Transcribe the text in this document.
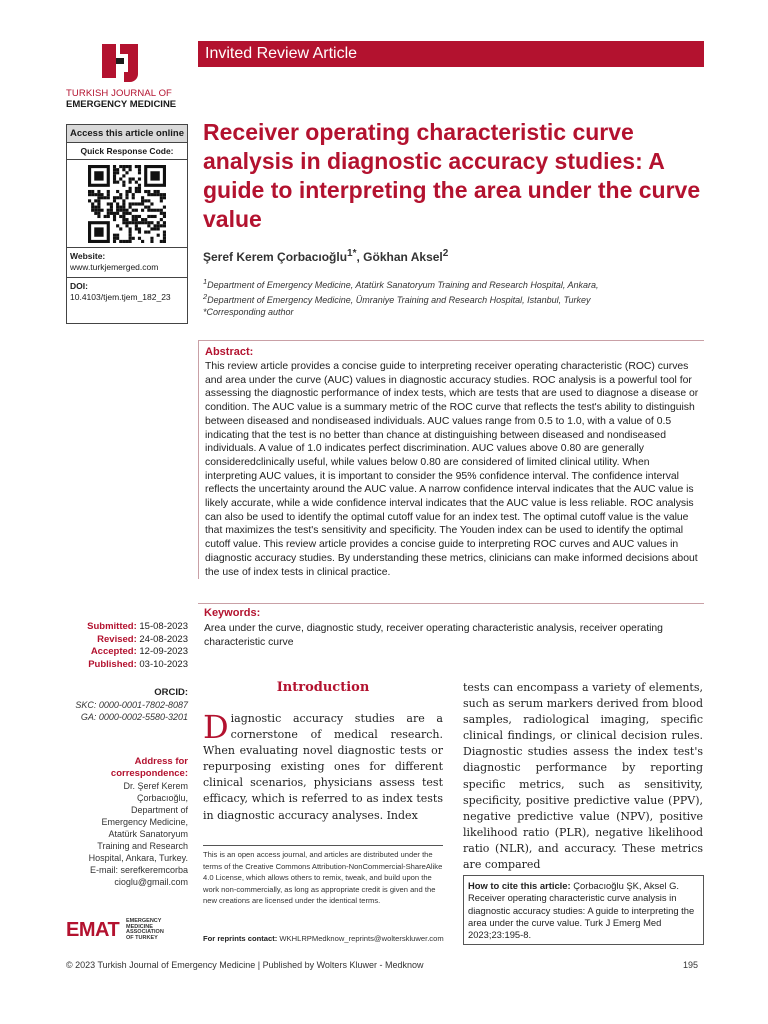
TURKISH JOURNAL OF
EMERGENCY MEDICINE
Invited Review Article
Access this article online
Quick Response Code:
Website:
www.turkjemerged.com
DOI:
10.4103/tjem.tjem_182_23
Receiver operating characteristic curve analysis in diagnostic accuracy studies: A guide to interpreting the area under the curve value
Şeref Kerem Çorbacıoğlu$^{1*}$, Gökhan Aksel$^2$
$^1$Department of Emergency Medicine, Atatürk Sanatoryum Training and Research Hospital, Ankara,
$^2$Department of Emergency Medicine, Ümraniye Training and Research Hospital, Istanbul, Turkey
*Corresponding author
Abstract:
This review article provides a concise guide to interpreting receiver operating characteristic (ROC) curves and area under the curve (AUC) values in diagnostic accuracy studies. ROC analysis is a powerful tool for assessing the diagnostic performance of index tests, which are tests that are used to diagnose a disease or condition. The AUC value is a summary metric of the ROC curve that reflects the test's ability to distinguish between diseased and nondiseased individuals. AUC values range from 0.5 to 1.0, with a value of 0.5 indicating that the test is no better than chance at distinguishing between diseased and nondiseased individuals. A value of 1.0 indicates perfect discrimination. AUC values above 0.80 are generally consideredclinically useful, while values below 0.80 are considered of limited clinical utility. When interpreting AUC values, it is important to consider the 95% confidence interval. The confidence interval reflects the uncertainty around the AUC value. A narrow confidence interval indicates that the AUC value is likely accurate, while a wide confidence interval indicates that the AUC value is less reliable. ROC analysis can also be used to identify the optimal cutoff value for an index test. The optimal cutoff value is the value that maximizes the test's sensitivity and specificity. The Youden index can be used to identify the optimal cutoff value. This review article provides a concise guide to interpreting ROC curves and AUC values in diagnostic accuracy studies. By understanding these metrics, clinicians can make informed decisions about the use of index tests in clinical practice.
Keywords:
Area under the curve, diagnostic study, receiver operating characteristic analysis, receiver operating characteristic curve
Submitted: 15-08-2023
Revised: 24-08-2023
Accepted: 12-09-2023
Published: 03-10-2023
ORCID:
SKC: 0000-0001-7802-8087
GA: 0000-0002-5580-3201
Address for
correspondence:
Dr. Şeref Kerem
Çorbacıoğlu,
Department of
Emergency Medicine,
Atatürk Sanatoryum
Training and Research
Hospital, Ankara, Turkey.
E-mail: serefkeremcorba
cioglu@gmail.com
EMAT EMERGENCY
MEDICINE
ASSOCIATION
OF TURKEY
Introduction
Diagnostic accuracy studies are a cornerstone of medical research. When evaluating novel diagnostic tests or repurposing existing ones for different clinical scenarios, physicians assess test efficacy, which is referred to as index tests in diagnostic accuracy analyses. Index
tests can encompass a variety of elements, such as serum markers derived from blood samples, radiological imaging, specific clinical findings, or clinical decision rules. Diagnostic studies assess the index test's diagnostic performance by reporting specific metrics, such as sensitivity, specificity, positive predictive value (PPV), negative predictive value (NPV), positive likelihood ratio (PLR), negative likelihood ratio (NLR), and accuracy. These metrics are compared
This is an open access journal, and articles are distributed under the terms of the Creative Commons Attribution-NonCommercial-ShareAlike 4.0 License, which allows others to remix, tweak, and build upon the work non-commercially, as long as appropriate credit is given and the new creations are licensed under the identical terms.
For reprints contact: WKHLRPMedknow_reprints@wolterskluwer.com
How to cite this article: Çorbacıoğlu ŞK, Aksel G. Receiver operating characteristic curve analysis in diagnostic accuracy studies: A guide to interpreting the area under the curve value. Turk J Emerg Med 2023;23:195-8.
© 2023 Turkish Journal of Emergency Medicine | Published by Wolters Kluwer - Medknow	195
